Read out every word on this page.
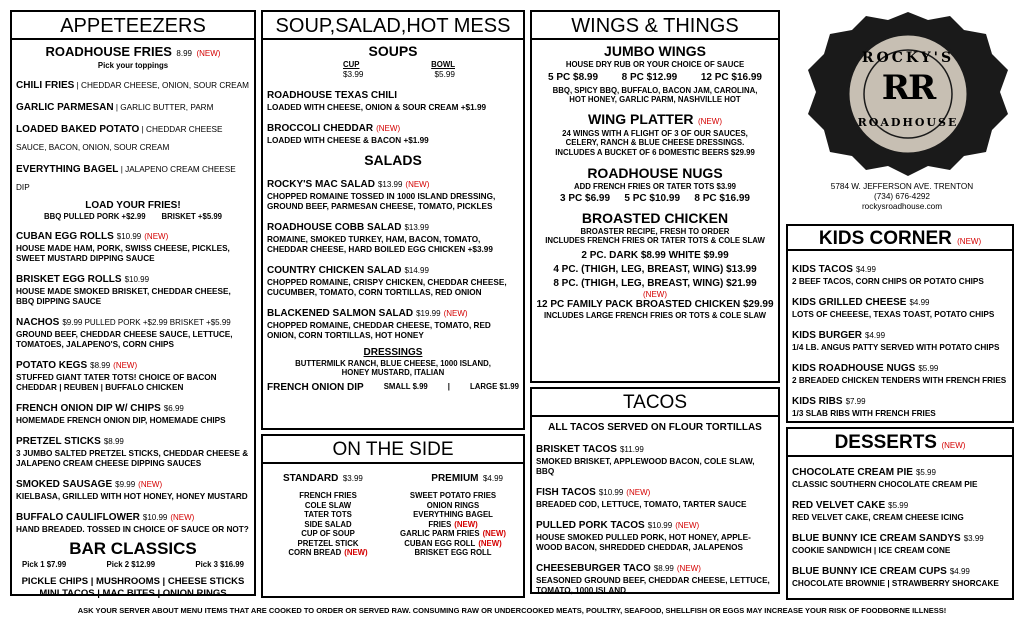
APPETEEZERS
ROADHOUSE FRIES 8.99 (NEW)
Pick your toppings
CHILI FRIES | CHEDDAR CHEESE, ONION, SOUR CREAM
GARLIC PARMESAN | GARLIC BUTTER, PARM
LOADED BAKED POTATO | CHEDDAR CHEESE SAUCE, BACON, ONION, SOUR CREAM
EVERYTHING BAGEL | JALAPENO CREAM CHEESE DIP
LOAD YOUR FRIES!
BBQ PULLED PORK +$2.99 BRISKET +$5.99
CUBAN EGG ROLLS $10.99 (NEW)
HOUSE MADE HAM, PORK, SWISS CHEESE, PICKLES, SWEET MUSTARD DIPPING SAUCE
BRISKET EGG ROLLS $10.99
HOUSE MADE SMOKED BRISKET, CHEDDAR CHEESE, BBQ DIPPING SAUCE
NACHOS $9.99 PULLED PORK +$2.99 BRISKET +$5.99
GROUND BEEF, CHEDDAR CHEESE SAUCE, LETTUCE, TOMATOES, JALAPENO'S, CORN CHIPS
POTATO KEGS $8.99 (NEW)
STUFFED GIANT TATER TOTS! CHOICE OF BACON CHEDDAR | REUBEN | BUFFALO CHICKEN
FRENCH ONION DIP W/ CHIPS $6.99
HOMEMADE FRENCH ONION DIP, HOMEMADE CHIPS
PRETZEL STICKS $8.99
3 JUMBO SALTED PRETZEL STICKS, CHEDDAR CHEESE & JALAPENO CREAM CHEESE DIPPING SAUCES
SMOKED SAUSAGE $9.99 (NEW)
KIELBASA, GRILLED WITH HOT HONEY, HONEY MUSTARD
BUFFALO CAULIFLOWER $10.99 (NEW)
HAND BREADED. TOSSED IN CHOICE OF SAUCE OR NOT?
BAR CLASSICS
Pick 1 $7.99	Pick 2 $12.99	Pick 3 $16.99
PICKLE CHIPS | MUSHROOMS | CHEESE STICKS
MINI TACOS | MAC BITES | ONION RINGS
SOUP,SALAD,HOT MESS
SOUPS
CUP	BOWL
$3.99	$5.99
ROADHOUSE TEXAS CHILI
LOADED WITH CHEESE, ONION & SOUR CREAM +$1.99
BROCCOLI CHEDDAR (NEW)
LOADED WITH CHEESE & BACON +$1.99
SALADS
ROCKY'S MAC SALAD $13.99 (NEW)
CHOPPED ROMAINE TOSSED IN 1000 ISLAND DRESSING, GROUND BEEF, PARMESAN CHEESE, TOMATO, PICKLES
ROADHOUSE COBB SALAD $13.99
ROMAINE, SMOKED TURKEY, HAM, BACON, TOMATO, CHEDDAR CHEESE, HARD BOILED EGG CHICKEN +$3.99
COUNTRY CHICKEN SALAD $14.99
CHOPPED ROMAINE, CRISPY CHICKEN, CHEDDAR CHEESE, CUCUMBER, TOMATO, CORN TORTILLAS, RED ONION
BLACKENED SALMON SALAD $19.99 (NEW)
CHOPPED ROMAINE, CHEDDAR CHEESE, TOMATO, RED ONION, CORN TORTILLAS, HOT HONEY
DRESSINGS
BUTTERMILK RANCH, BLUE CHEESE, 1000 ISLAND, HONEY MUSTARD, ITALIAN
FRENCH ONION DIP	SMALL $.99	|	LARGE $1.99
ON THE SIDE
STANDARD $3.99	PREMIUM $4.99
FRENCH FRIES
COLE SLAW
TATER TOTS
SIDE SALAD
CUP OF SOUP
PRETZEL STICK
CORN BREAD (NEW)
SWEET POTATO FRIES
ONION RINGS
EVERYTHING BAGEL
FRIES (NEW)
GARLIC PARM FRIES (NEW)
CUBAN EGG ROLL (NEW)
BRISKET EGG ROLL
WINGS & THINGS
JUMBO WINGS
HOUSE DRY RUB OR YOUR CHOICE OF SAUCE
5 PC $8.99 8 PC $12.99 12 PC $16.99
BBQ, SPICY BBQ, BUFFALO, BACON JAM, CAROLINA, HOT HONEY, GARLIC PARM, NASHVILLE HOT
WING PLATTER (NEW)
24 WINGS WITH A FLIGHT OF 3 OF OUR SAUCES, CELERY, RANCH & BLUE CHEESE DRESSINGS. INCLUDES A BUCKET OF 6 DOMESTIC BEERS $29.99
ROADHOUSE NUGS
ADD FRENCH FRIES OR TATER TOTS $3.99
3 PC $6.99 5 PC $10.99 8 PC $16.99
BROASTED CHICKEN
BROASTER RECIPE, FRESH TO ORDER
INCLUDES FRENCH FRIES OR TATER TOTS & COLE SLAW
2 PC. DARK $8.99 WHITE $9.99
4 PC. (THIGH, LEG, BREAST, WING) $13.99
8 PC. (THIGH, LEG, BREAST, WING) $21.99
(NEW)
12 PC FAMILY PACK BROASTED CHICKEN $29.99
INCLUDES LARGE FRENCH FRIES OR TOTS & COLE SLAW
TACOS
ALL TACOS SERVED ON FLOUR TORTILLAS
BRISKET TACOS $11.99
SMOKED BRISKET, APPLEWOOD BACON, COLE SLAW, BBQ
FISH TACOS $10.99 (NEW)
BREADED COD, LETTUCE, TOMATO, TARTER SAUCE
PULLED PORK TACOS $10.99 (NEW)
HOUSE SMOKED PULLED PORK, HOT HONEY, APPLE-WOOD BACON, SHREDDED CHEDDAR, JALAPENOS
CHEESEBURGER TACO $8.99 (NEW)
SEASONED GROUND BEEF, CHEDDAR CHEESE, LETTUCE, TOMATO, 1000 ISLAND
ROCKY'S
RR
ROADHOUSE
5784 W. JEFFERSON AVE. TRENTON
(734) 676-4292
rockysroadhouse.com
KIDS CORNER (NEW)
KIDS TACOS $4.99
2 BEEF TACOS, CORN CHIPS OR POTATO CHIPS
KIDS GRILLED CHEESE $4.99
LOTS OF CHEEESE, TEXAS TOAST, POTATO CHIPS
KIDS BURGER $4.99
1/4 LB. ANGUS PATTY SERVED WITH POTATO CHIPS
KIDS ROADHOUSE NUGS $5.99
2 BREADED CHICKEN TENDERS WITH FRENCH FRIES
KIDS RIBS $7.99
1/3 SLAB RIBS WITH FRENCH FRIES
DESSERTS (NEW)
CHOCOLATE CREAM PIE $5.99
CLASSIC SOUTHERN CHOCOLATE CREAM PIE
RED VELVET CAKE $5.99
RED VELVET CAKE, CREAM CHEESE ICING
BLUE BUNNY ICE CREAM SANDYS $3.99
COOKIE SANDWICH | ICE CREAM CONE
BLUE BUNNY ICE CREAM CUPS $4.99
CHOCOLATE BROWNIE | STRAWBERRY SHORCAKE
ASK YOUR SERVER ABOUT MENU ITEMS THAT ARE COOKED TO ORDER OR SERVED RAW. CONSUMING RAW OR UNDERCOOKED MEATS, POULTRY, SEAFOOD, SHELLFISH OR EGGS MAY INCREASE YOUR RISK OF FOODBORNE ILLNESS!
